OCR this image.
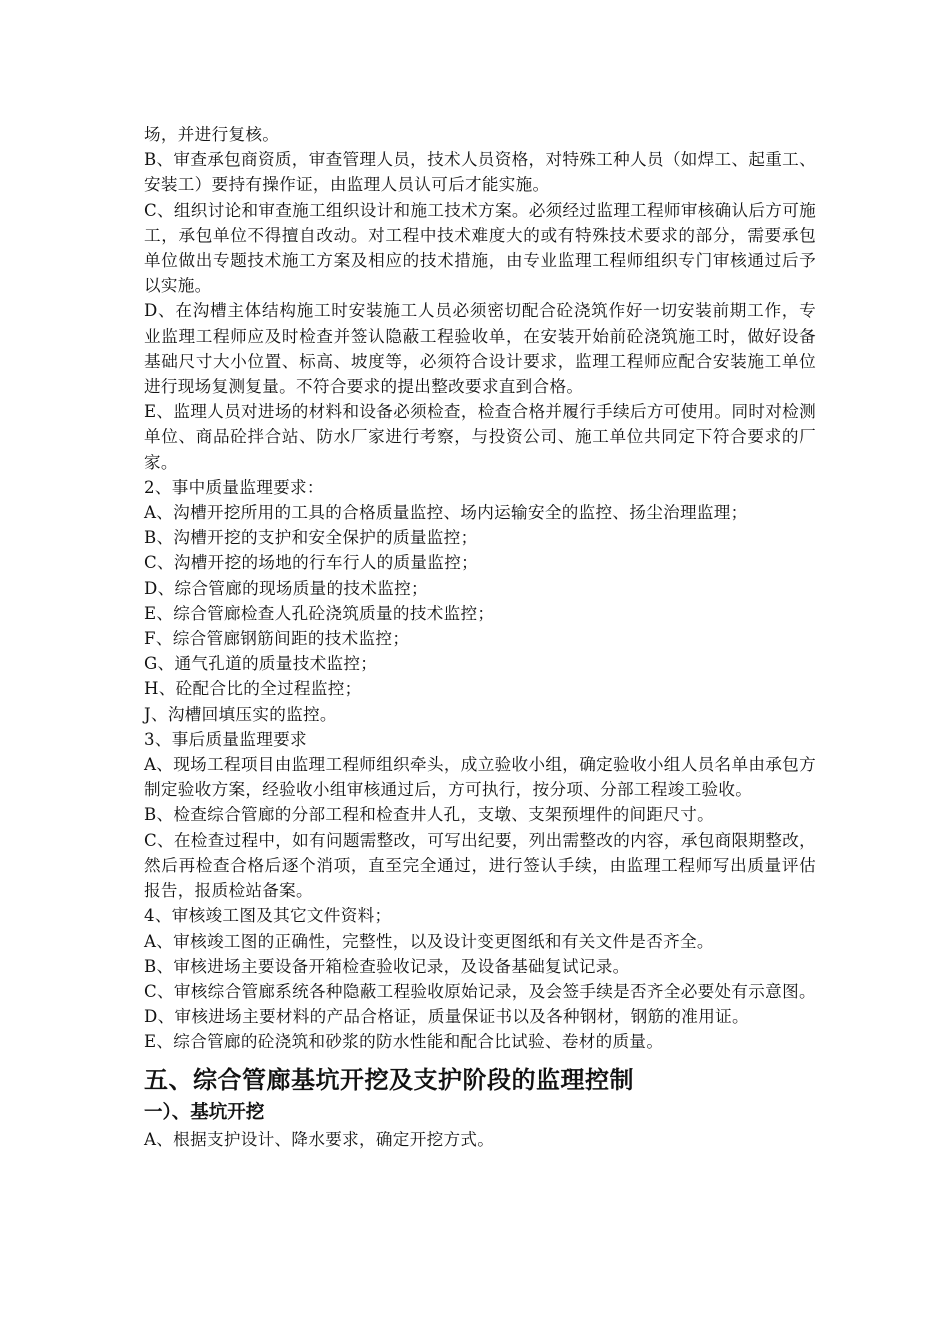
场，并进行复核。

B、审查承包商资质，审查管理人员，技术人员资格，对特殊工种人员（如焊工、起重工、安装工）要持有操作证，由监理人员认可后才能实施。

C、组织讨论和审查施工组织设计和施工技术方案。必须经过监理工程师审核确认后方可施工，承包单位不得擅自改动。对工程中技术难度大的或有特殊技术要求的部分，需要承包单位做出专题技术施工方案及相应的技术措施，由专业监理工程师组织专门审核通过后予以实施。

D、在沟槽主体结构施工时安装施工人员必须密切配合砼浇筑作好一切安装前期工作，专业监理工程师应及时检查并签认隐蔽工程验收单，在安装开始前砼浇筑施工时，做好设备基础尺寸大小位置、标高、坡度等，必须符合设计要求，监理工程师应配合安装施工单位进行现场复测复量。不符合要求的提出整改要求直到合格。

E、监理人员对进场的材料和设备必须检查，检查合格并履行手续后方可使用。同时对检测单位、商品砼拌合站、防水厂家进行考察，与投资公司、施工单位共同定下符合要求的厂家。

2、事中质量监理要求：

A、沟槽开挖所用的工具的合格质量监控、场内运输安全的监控、扬尘治理监理；

B、沟槽开挖的支护和安全保护的质量监控；

C、沟槽开挖的场地的行车行人的质量监控；

D、综合管廊的现场质量的技术监控；

E、综合管廊检查人孔砼浇筑质量的技术监控；

F、综合管廊钢筋间距的技术监控；

G、通气孔道的质量技术监控；

H、砼配合比的全过程监控；

J、沟槽回填压实的监控。

3、事后质量监理要求

A、现场工程项目由监理工程师组织牵头，成立验收小组，确定验收小组人员名单由承包方制定验收方案，经验收小组审核通过后，方可执行，按分项、分部工程竣工验收。

B、检查综合管廊的分部工程和检查井人孔，支墩、支架预埋件的间距尺寸。

C、在检查过程中，如有问题需整改，可写出纪要，列出需整改的内容，承包商限期整改，然后再检查合格后逐个消项，直至完全通过，进行签认手续，由监理工程师写出质量评估报告，报质检站备案。

4、审核竣工图及其它文件资料；

A、审核竣工图的正确性，完整性，以及设计变更图纸和有关文件是否齐全。

B、审核进场主要设备开箱检查验收记录，及设备基础复试记录。

C、审核综合管廊系统各种隐蔽工程验收原始记录，及会签手续是否齐全必要处有示意图。

D、审核进场主要材料的产品合格证，质量保证书以及各种钢材，钢筋的准用证。

E、综合管廊的砼浇筑和砂浆的防水性能和配合比试验、卷材的质量。

五、综合管廊基坑开挖及支护阶段的监理控制
一）、基坑开挖

A、根据支护设计、降水要求，确定开挖方式。
